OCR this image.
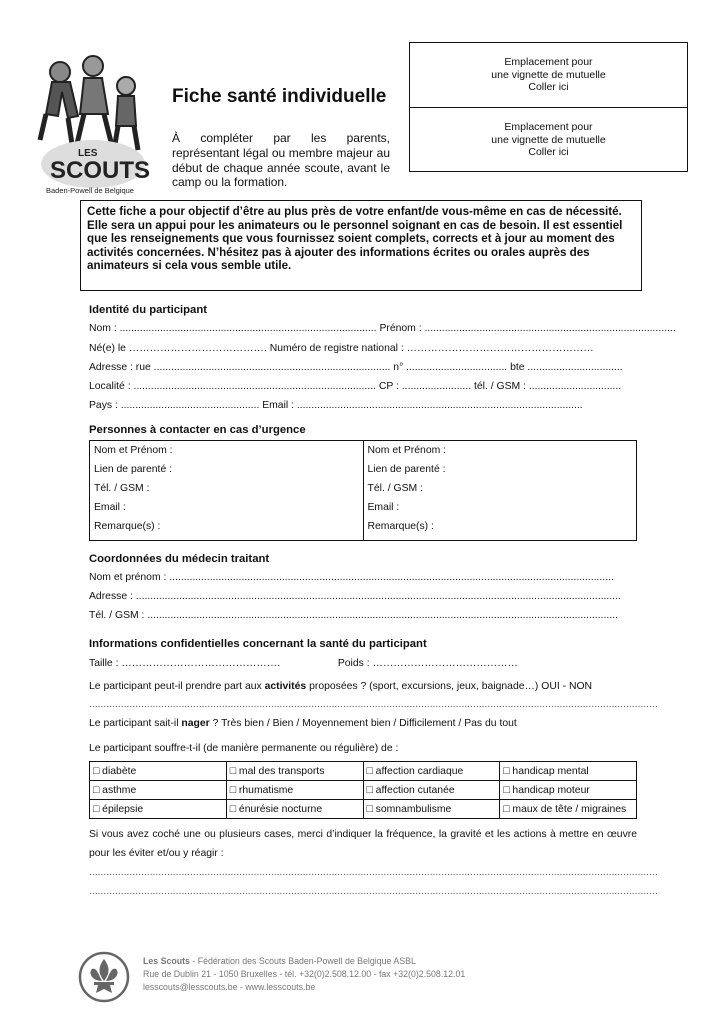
LES
SCOUTS
Baden-Powell de Belgique
Fiche santé individuelle
À compléter par les parents, représentant légal ou membre majeur au début de chaque année scoute, avant le camp ou la formation.
Emplacement pour
une vignette de mutuelle
Coller ici
Emplacement pour
une vignette de mutuelle
Coller ici
Cette fiche a pour objectif d’être au plus près de votre enfant/de vous-même en cas de nécessité. Elle sera un appui pour les animateurs ou le personnel soignant en cas de besoin. Il est essentiel que les renseignements que vous fournissez soient complets, corrects et à jour au moment des activités concernées. N’hésitez pas à ajouter des informations écrites ou orales auprès des animateurs si cela vous semble utile.
Identité du participant
Nom : ......................................................................................... Prénom : .......................................................................................
Né(e) le …………………………………. Numéro de registre national : ………………………………………………
Adresse : rue .................................................................................. n° ................................... bte .................................
Localité : .................................................................................... CP : ........................ tél. / GSM : ................................
Pays : ................................................ Email : ...................................................................................................
Personnes à contacter en cas d’urgence
Nom et Prénom :
Lien de parenté :
Tél. / GSM :
Email :
Remarque(s) :

Nom et Prénom :
Lien de parenté :
Tél. / GSM :
Email :
Remarque(s) :
Coordonnées du médecin traitant
Nom et prénom : ..........................................................................................................................................................
Adresse : ........................................................................................................................................................................
Tél. / GSM : ...................................................................................................................................................................
Informations confidentielles concernant la santé du participant
Taille : ……………………………………….                    Poids : ……………………………………
Le participant peut-il prendre part aux activités proposées ? (sport, excursions, jeux, baignade…) OUI - NON
.....................................................................................................................................................................................................
Le participant sait-il nager ? Très bien / Bien / Moyennement bien / Difficilement / Pas du tout
Le participant souffre-t-il (de manière permanente ou régulière) de :
□ diabète	□ mal des transports	□ affection cardiaque	□ handicap mental
□ asthme	□ rhumatisme	□ affection cutanée	□ handicap moteur
□ épilepsie	□ énurésie nocturne	□ somnambulisme	□ maux de tête / migraines
Si vous avez coché une ou plusieurs cases, merci d’indiquer la fréquence, la gravité et les actions à mettre en œuvre pour les éviter et/ou y réagir :
.....................................................................................................................................................................................................
.....................................................................................................................................................................................................
Les Scouts - Fédération des Scouts Baden-Powell de Belgique ASBL
Rue de Dublin 21 - 1050 Bruxelles - tél. +32(0)2.508.12.00 - fax +32(0)2.508.12.01
lesscouts@lesscouts.be - www.lesscouts.be
